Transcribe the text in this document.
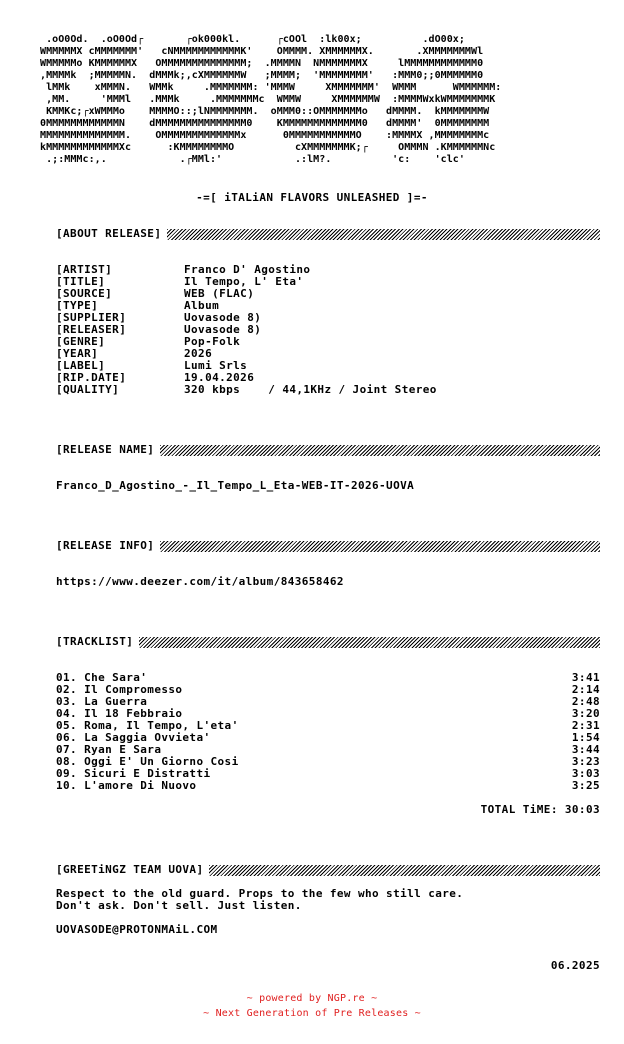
.oO0Od.  .oO0Od┌       ┌ok000kl.      ┌cOOl  :lk00x;          .dO00x;
WMMMMMX cMMMMMMM'   cNMMMMMMMMMMMK'    OMMMM. XMMMMMMX.       .XMMMMMMMWl
WMMMMMo KMMMMMMX   OMMMMMMMMMMMMMM;  .MMMMN  NMMMMMMMX     lMMMMMMMMMMMM0
,MMMMk  ;MMMMMN.  dMMMk;,cXMMMMMMW   ;MMMM;  'MMMMMMMM'   :MMM0;;0MMMMMM0
lMMk    xMMMN.   WMMk     .MMMMMMM: 'MMMW     XMMMMMMM'  WMMM      WMMMMMM:
,MM.     'MMMl   .MMMk     .MMMMMMMc  WMMW     XMMMMMMW  :MMMMWxkWMMMMMMMK
KMMKc;┌xWMMMo    MMMMO::;lNMMMMMMM.  oMMM0::OMMMMMMMo   dMMMM.  kMMMMMMMW
0MMMMMMMMMMMMN    dMMMMMMMMMMMMMMM0    KMMMMMMMMMMMMM0   dMMMM'  0MMMMMMMM
MMMMMMMMMMMMMM.    OMMMMMMMMMMMMMx      0MMMMMMMMMMMO    :MMMMX ,MMMMMMMMc
kMMMMMMMMMMMMXc      :KMMMMMMMMO          cXMMMMMMMK;┌     OMMMN .KMMMMMMNc
.;:MMMc:,.            .┌MMl:'            .:lM?.          'c:    'clc'
-=[ iTALiAN FLAVORS UNLEASHED ]=-
[ABOUT RELEASE]
[ARTIST]	Franco D' Agostino
[TITLE]	Il Tempo, L' Eta'
[SOURCE]	WEB (FLAC)
[TYPE]	Album
[SUPPLIER]	Uovasode 8)
[RELEASER]	Uovasode 8)
[GENRE]	Pop-Folk
[YEAR]	2026
[LABEL]	Lumi Srls
[RIP.DATE]	19.04.2026
[QUALITY]	320 kbps    / 44,1KHz / Joint Stereo
[RELEASE NAME]
Franco_D_Agostino_-_Il_Tempo_L_Eta-WEB-IT-2026-UOVA
[RELEASE INFO]
https://www.deezer.com/it/album/843658462
[TRACKLIST]
01. Che Sara'	3:41
02. Il Compromesso	2:14
03. La Guerra	2:48
04. Il 18 Febbraio	3:20
05. Roma, Il Tempo, L'eta'	2:31
06. La Saggia Ovvieta'	1:54
07. Ryan E Sara	3:44
08. Oggi E' Un Giorno Cosi	3:23
09. Sicuri E Distratti	3:03
10. L'amore Di Nuovo	3:25
TOTAL TiME: 30:03
[GREETiNGZ TEAM UOVA]
Respect to the old guard. Props to the few who still care.
Don't ask. Don't sell. Just listen.
UOVASODE@PROTONMAiL.COM
06.2025
~ powered by NGP.re ~
~ Next Generation of Pre Releases ~
